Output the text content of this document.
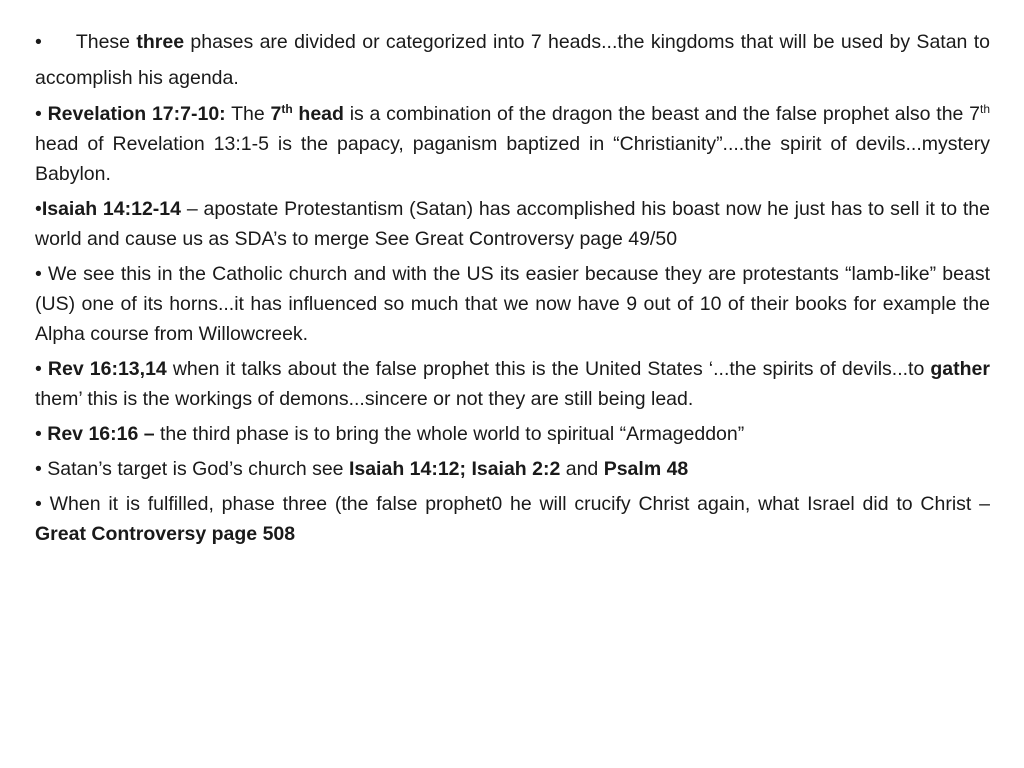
• These three phases are divided or categorized into 7 heads...the kingdoms that will be used by Satan to accomplish his agenda.

• Revelation 17:7-10: The 7th head is a combination of the dragon the beast and the false prophet also the 7th head of Revelation 13:1-5 is the papacy, paganism baptized in “Christianity”....the spirit of devils...mystery Babylon.

•Isaiah 14:12-14 – apostate Protestantism (Satan) has accomplished his boast now he just has to sell it to the world and cause us as SDA’s to merge See Great Controversy page 49/50

• We see this in the Catholic church and with the US its easier because they are protestants “lamb-like” beast (US) one of its horns...it has influenced so much that we now have 9 out of 10 of their books for example the Alpha course from Willowcreek.

• Rev 16:13,14 when it talks about the false prophet this is the United States ‘...the spirits of devils...to gather them’ this is the workings of demons...sincere or not they are still being lead.

• Rev 16:16 – the third phase is to bring the whole world to spiritual “Armageddon”

• Satan’s target is God’s church see Isaiah 14:12; Isaiah 2:2 and Psalm 48

• When it is fulfilled, phase three (the false prophet0 he will crucify Christ again, what Israel did to Christ – Great Controversy page 508
